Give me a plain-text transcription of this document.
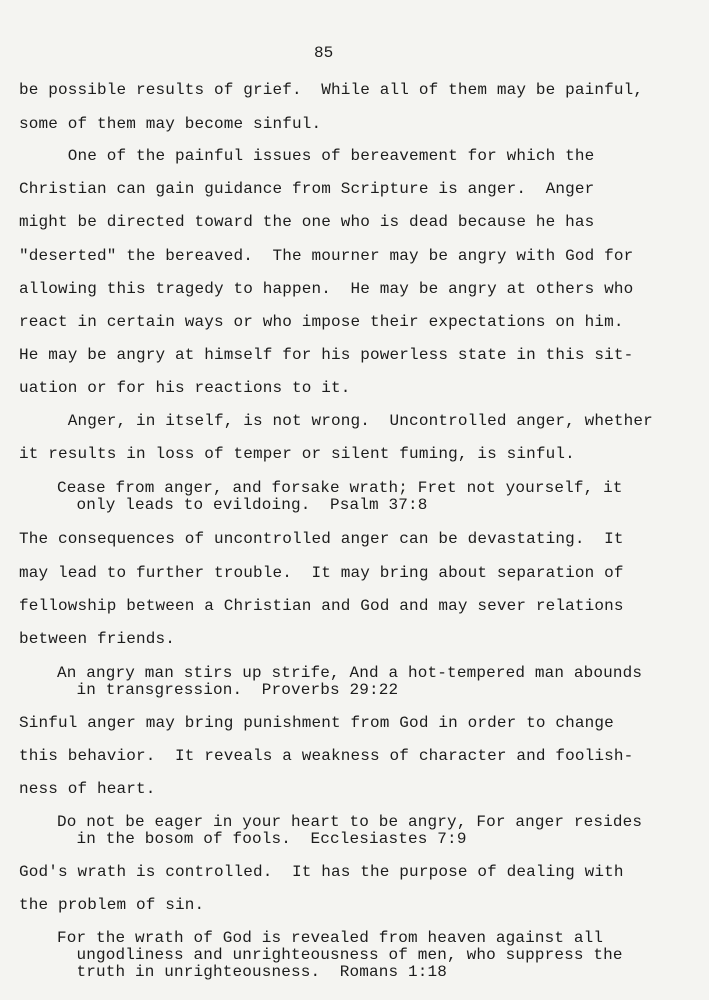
85
be possible results of grief.  While all of them may be painful,
some of them may become sinful.
One of the painful issues of bereavement for which the
Christian can gain guidance from Scripture is anger.  Anger
might be directed toward the one who is dead because he has
"deserted" the bereaved.  The mourner may be angry with God for
allowing this tragedy to happen.  He may be angry at others who
react in certain ways or who impose their expectations on him.
He may be angry at himself for his powerless state in this sit-
uation or for his reactions to it.
Anger, in itself, is not wrong.  Uncontrolled anger, whether
it results in loss of temper or silent fuming, is sinful.
Cease from anger, and forsake wrath; Fret not yourself, it
only leads to evildoing.  Psalm 37:8
The consequences of uncontrolled anger can be devastating.  It
may lead to further trouble.  It may bring about separation of
fellowship between a Christian and God and may sever relations
between friends.
An angry man stirs up strife, And a hot-tempered man abounds
in transgression.  Proverbs 29:22
Sinful anger may bring punishment from God in order to change
this behavior.  It reveals a weakness of character and foolish-
ness of heart.
Do not be eager in your heart to be angry, For anger resides
in the bosom of fools.  Ecclesiastes 7:9
God's wrath is controlled.  It has the purpose of dealing with
the problem of sin.
For the wrath of God is revealed from heaven against all
ungodliness and unrighteousness of men, who suppress the
truth in unrighteousness.  Romans 1:18
